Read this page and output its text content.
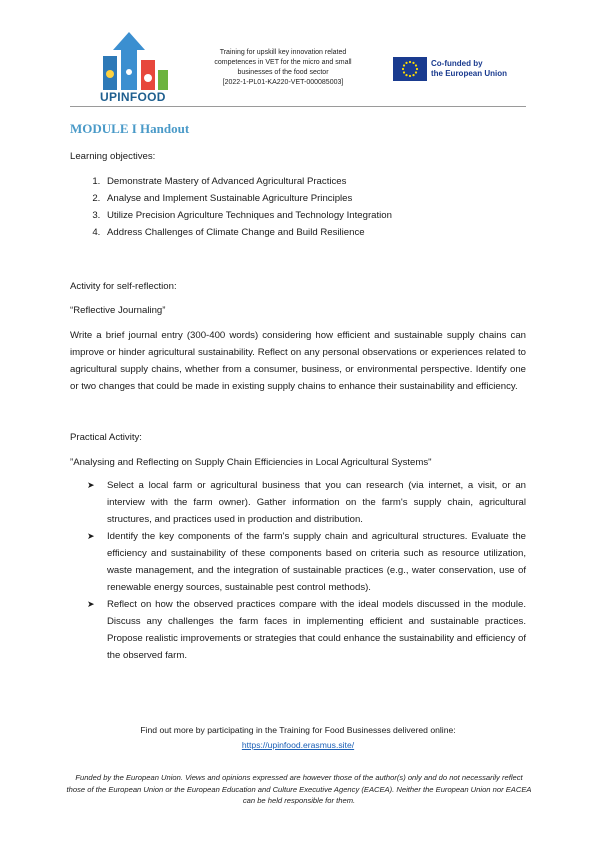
UPINFOOD
Training for upskill key innovation related
competences in VET for the micro and small
businesses of the food sector
[2022-1-PL01-KA220-VET-000085003]
Co-funded by
the European Union
MODULE I Handout

Learning objectives:

1. Demonstrate Mastery of Advanced Agricultural Practices
2. Analyse and Implement Sustainable Agriculture Principles
3. Utilize Precision Agriculture Techniques and Technology Integration
4. Address Challenges of Climate Change and Build Resilience

Activity for self-reflection:

“Reflective Journaling”

Write a brief journal entry (300-400 words) considering how efficient and sustainable supply chains can improve or hinder agricultural sustainability. Reflect on any personal observations or experiences related to agricultural supply chains, whether from a consumer, business, or environmental perspective. Identify one or two changes that could be made in existing supply chains to enhance their sustainability and efficiency.

Practical Activity:

”Analysing and Reflecting on Supply Chain Efficiencies in Local Agricultural Systems"

➤ Select a local farm or agricultural business that you can research (via internet, a visit, or an interview with the farm owner). Gather information on the farm's supply chain, agricultural structures, and practices used in production and distribution.
➤ Identify the key components of the farm's supply chain and agricultural structures. Evaluate the efficiency and sustainability of these components based on criteria such as resource utilization, waste management, and the integration of sustainable practices (e.g., water conservation, use of renewable energy sources, sustainable pest control methods).
➤ Reflect on how the observed practices compare with the ideal models discussed in the module. Discuss any challenges the farm faces in implementing efficient and sustainable practices. Propose realistic improvements or strategies that could enhance the sustainability and efficiency of the observed farm.
Find out more by participating in the Training for Food Businesses delivered online:
https://upinfood.erasmus.site/
Funded by the European Union. Views and opinions expressed are however those of the author(s) only and do not necessarily reflect those of the European Union or the European Education and Culture Executive Agency (EACEA). Neither the European Union nor EACEA can be held responsible for them.
